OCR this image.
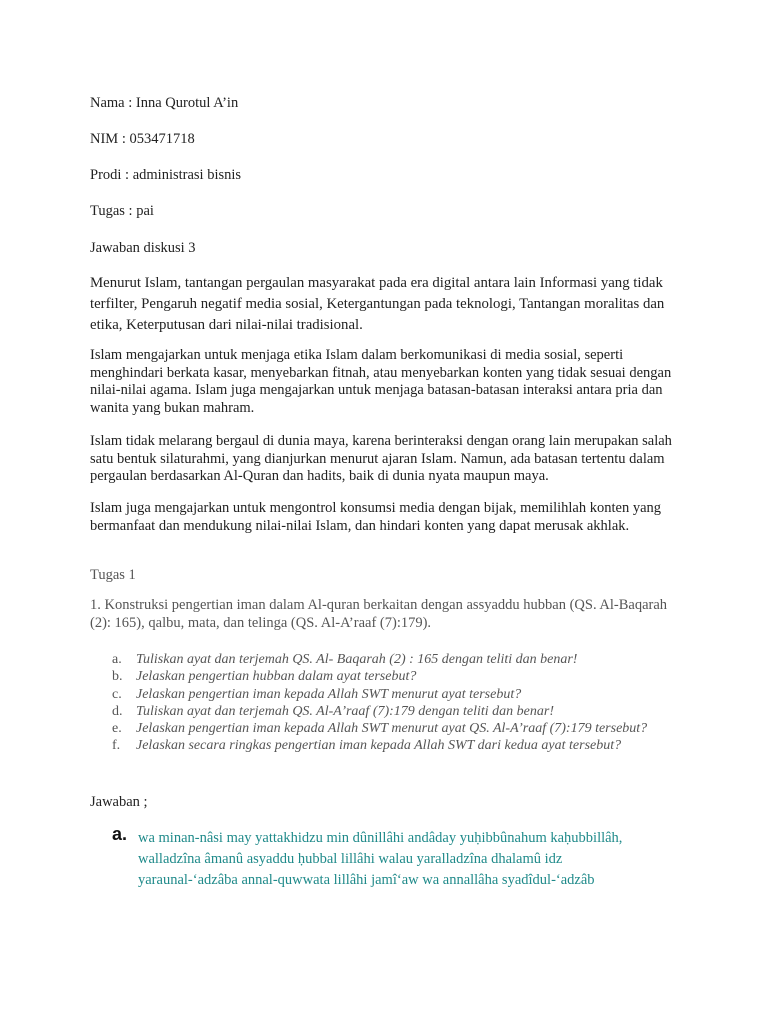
Nama : Inna Qurotul A’in
NIM : 053471718
Prodi : administrasi bisnis
Tugas : pai
Jawaban diskusi 3
Menurut Islam, tantangan pergaulan masyarakat pada era digital antara lain Informasi yang tidak terfilter, Pengaruh negatif media sosial, Ketergantungan pada teknologi, Tantangan moralitas dan etika, Keterputusan dari nilai-nilai tradisional.
Islam mengajarkan untuk menjaga etika Islam dalam berkomunikasi di media sosial, seperti menghindari berkata kasar, menyebarkan fitnah, atau menyebarkan konten yang tidak sesuai dengan nilai-nilai agama. Islam juga mengajarkan untuk menjaga batasan-batasan interaksi antara pria dan wanita yang bukan mahram.
Islam tidak melarang bergaul di dunia maya, karena berinteraksi dengan orang lain merupakan salah satu bentuk silaturahmi, yang dianjurkan menurut ajaran Islam. Namun, ada batasan tertentu dalam pergaulan berdasarkan Al-Quran dan hadits, baik di dunia nyata maupun maya.
Islam juga mengajarkan untuk mengontrol konsumsi media dengan bijak, memilihlah konten yang bermanfaat dan mendukung nilai-nilai Islam, dan hindari konten yang dapat merusak akhlak.
Tugas 1
1. Konstruksi pengertian iman dalam Al-quran berkaitan dengan assyaddu hubban (QS. Al-Baqarah (2): 165), qalbu, mata, dan telinga (QS. Al-A’raaf (7):179).
a. Tuliskan ayat dan terjemah QS. Al- Baqarah (2) : 165 dengan teliti dan benar!
b. Jelaskan pengertian hubban dalam ayat tersebut?
c. Jelaskan pengertian iman kepada Allah SWT menurut ayat tersebut?
d. Tuliskan ayat dan terjemah QS. Al-A’raaf (7):179 dengan teliti dan benar!
e. Jelaskan pengertian iman kepada Allah SWT menurut ayat QS. Al-A’raaf (7):179 tersebut?
f. Jelaskan secara ringkas pengertian iman kepada Allah SWT dari kedua ayat tersebut?
Jawaban ;
a. wa minan-nâsi may yattakhidzu min dûnillâhi andâday yuḥibbûnahum kaḥubbillâh,
walladzîna âmanû asyaddu ḥubbal lillâhi walau yaralladzîna dhalamû idz
yaraunal-‘adzâba annal-quwwata lillâhi jamî‘aw wa annallâha syadîdul-‘adzâb
